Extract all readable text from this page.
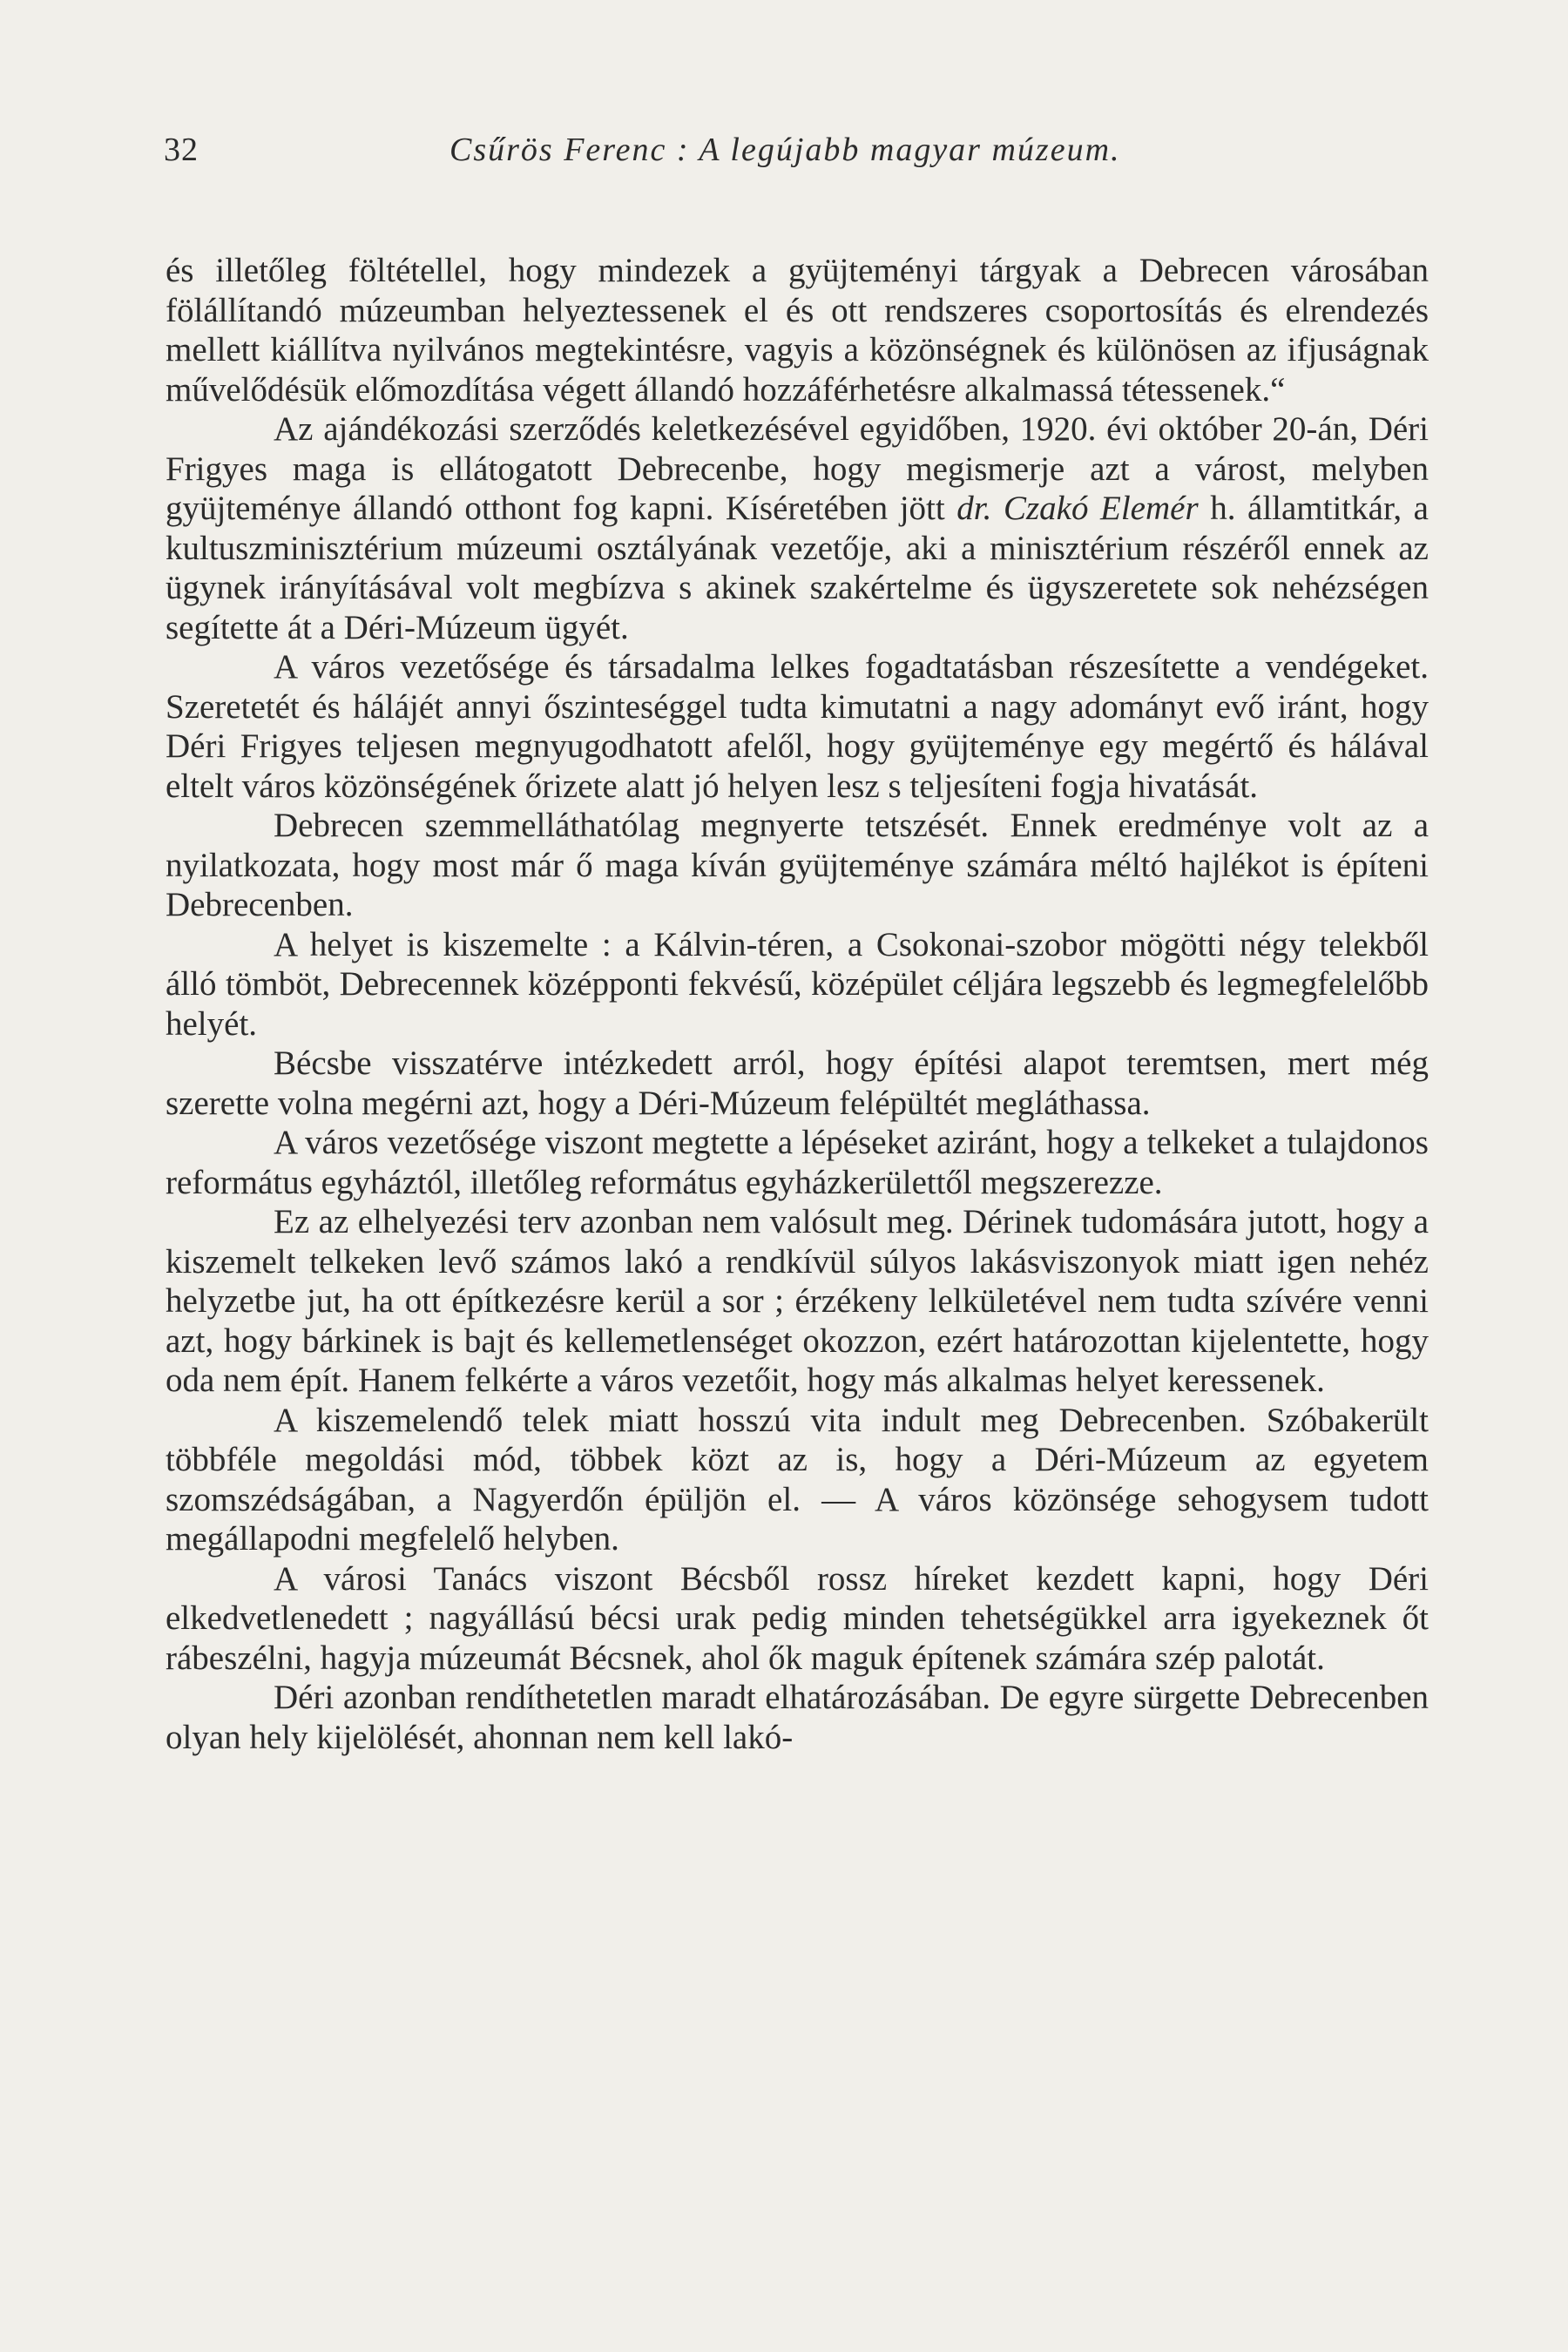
32	Csűrös Ferenc : A legújabb magyar múzeum.

és illetőleg föltétellel, hogy mindezek a gyüjteményi tárgyak a Debrecen városában fölállítandó múzeumban helyeztessenek el és ott rendszeres csoportosítás és elrendezés mellett kiállítva nyilvános megtekintésre, vagyis a közönségnek és különösen az ifjuságnak művelődésük előmozdítása végett állandó hozzáférhetésre alkalmassá tétessenek.“

Az ajándékozási szerződés keletkezésével egyidőben, 1920. évi október 20-án, Déri Frigyes maga is ellátogatott Debrecenbe, hogy megismerje azt a várost, melyben gyüjteménye állandó otthont fog kapni. Kíséretében jött dr. Czakó Elemér h. államtitkár, a kultuszminisztérium múzeumi osztályának vezetője, aki a minisztérium részéről ennek az ügynek irányításával volt megbízva s akinek szakértelme és ügyszeretete sok nehézségen segítette át a Déri-Múzeum ügyét.

A város vezetősége és társadalma lelkes fogadtatásban részesítette a vendégeket. Szeretetét és hálájét annyi őszinteséggel tudta kimutatni a nagy adományt evő iránt, hogy Déri Frigyes teljesen megnyugodhatott afelől, hogy gyüjteménye egy megértő és hálával eltelt város közönségének őrizete alatt jó helyen lesz s teljesíteni fogja hivatását.

Debrecen szemmelláthatólag megnyerte tetszését. Ennek eredménye volt az a nyilatkozata, hogy most már ő maga kíván gyüjteménye számára méltó hajlékot is építeni Debrecenben.

A helyet is kiszemelte : a Kálvin-téren, a Csokonai-szobor mögötti négy telekből álló tömböt, Debrecennek középponti fekvésű, középület céljára legszebb és legmegfelelőbb helyét.

Bécsbe visszatérve intézkedett arról, hogy építési alapot teremtsen, mert még szerette volna megérni azt, hogy a Déri-Múzeum felépültét megláthassa.

A város vezetősége viszont megtette a lépéseket aziránt, hogy a telkeket a tulajdonos református egyháztól, illetőleg református egyházkerülettől megszerezze.

Ez az elhelyezési terv azonban nem valósult meg. Dérinek tudomására jutott, hogy a kiszemelt telkeken levő számos lakó a rendkívül súlyos lakásviszonyok miatt igen nehéz helyzetbe jut, ha ott építkezésre kerül a sor ; érzékeny lelkületével nem tudta szívére venni azt, hogy bárkinek is bajt és kellemetlenséget okozzon, ezért határozottan kijelentette, hogy oda nem épít. Hanem felkérte a város vezetőit, hogy más alkalmas helyet keressenek.

A kiszemelendő telek miatt hosszú vita indult meg Debrecenben. Szóbakerült többféle megoldási mód, többek közt az is, hogy a Déri-Múzeum az egyetem szomszédságában, a Nagyerdőn épüljön el. — A város közönsége sehogysem tudott megállapodni megfelelő helyben.

A városi Tanács viszont Bécsből rossz híreket kezdett kapni, hogy Déri elkedvetlenedett ; nagyállású bécsi urak pedig minden tehetségükkel arra igyekeznek őt rábeszélni, hagyja múzeumát Bécsnek, ahol ők maguk építenek számára szép palotát.

Déri azonban rendíthetetlen maradt elhatározásában. De egyre sürgette Debrecenben olyan hely kijelölését, ahonnan nem kell lakó-
